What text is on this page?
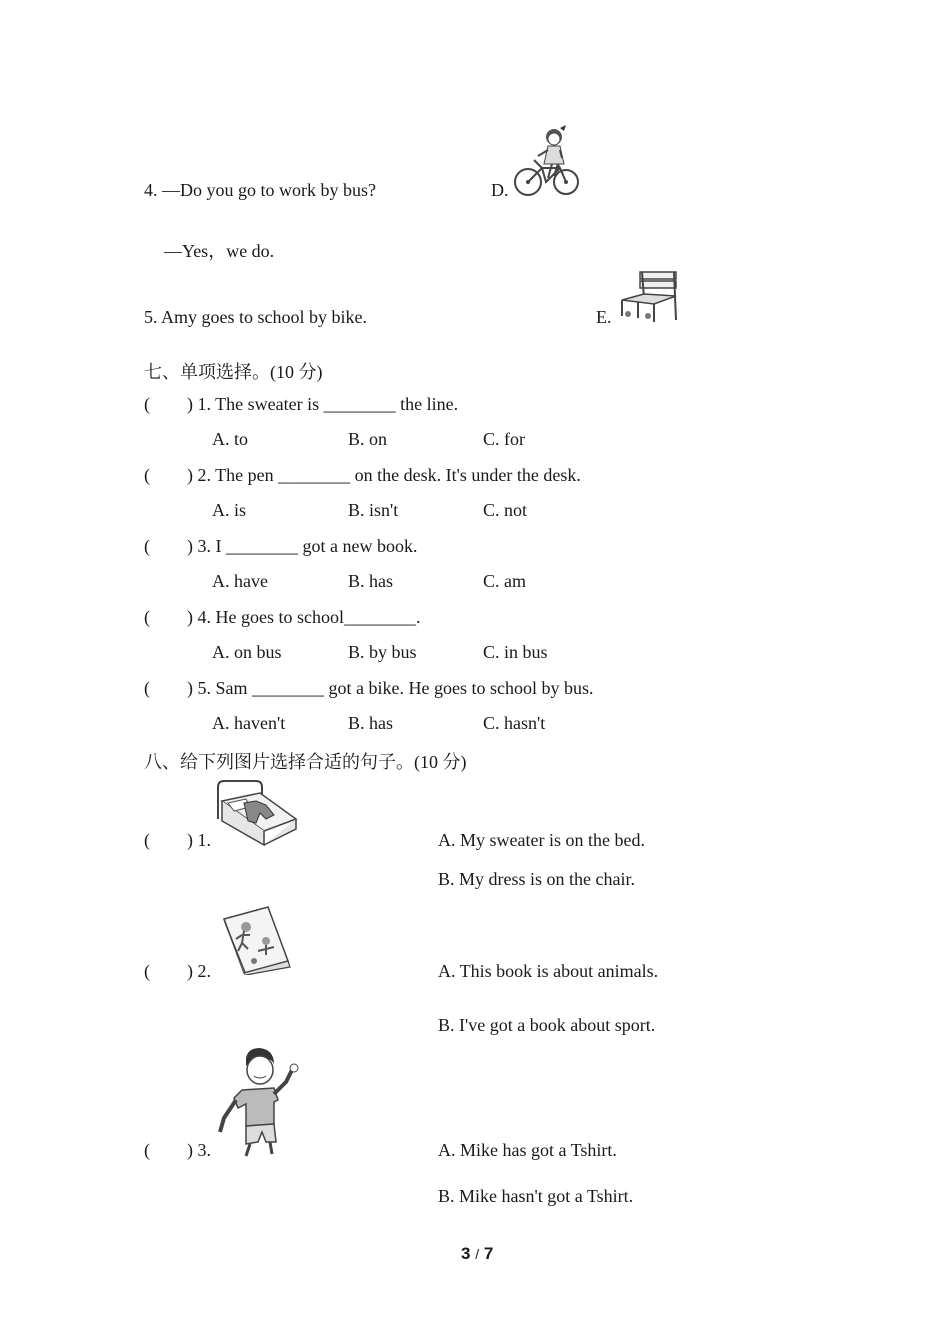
4. —Do you go to work by bus?	D.
—Yes，we do.
5. Amy goes to school by bike.	E.
七、单项选择。(10 分)
( ) 1. The sweater is ________ the line.
A. to	B. on	C. for
( ) 2. The pen ________ on the desk. It's under the desk.
A. is	B. isn't	C. not
( ) 3. I ________ got a new book.
A. have	B. has	C. am
( ) 4. He goes to school________.
A. on bus	B. by bus	C. in bus
( ) 5. Sam ________ got a bike. He goes to school by bus.
A. haven't	B. has	C. hasn't
八、给下列图片选择合适的句子。(10 分)
( ) 1.	A. My sweater is on the bed.
B. My dress is on the chair.
( ) 2.	A. This book is about animals.
B. I've got a book about sport.
( ) 3.	A. Mike has got a Tshirt.
B. Mike hasn't got a Tshirt.
3 / 7
